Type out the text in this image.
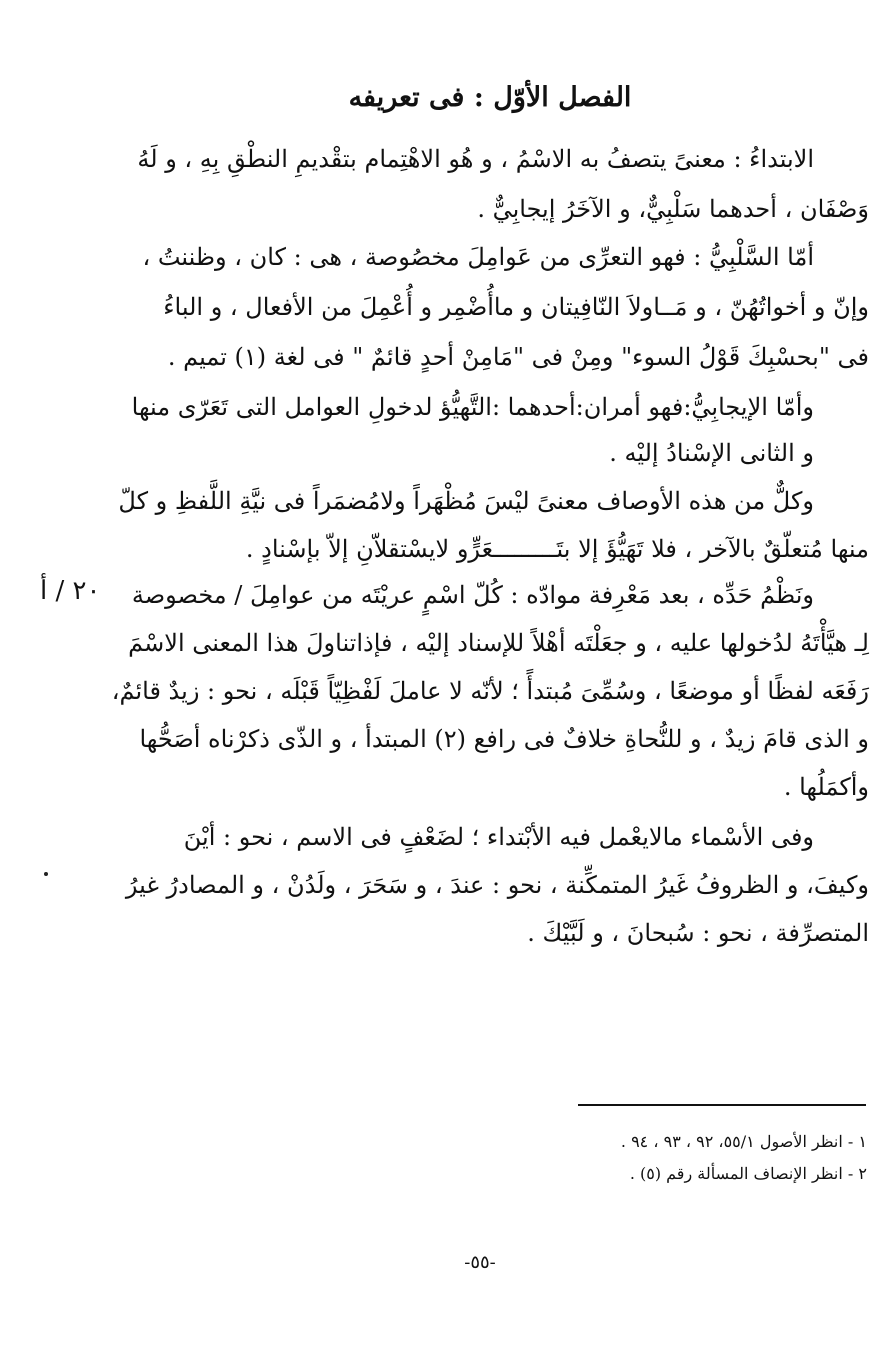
الفصل الأوّل : فى تعريفه
الابتداءُ : معنىً يتصفُ به الاسْمُ ، و هُو الاهْتِمام بتقْديمِ النطْقِ بِهِ ، و لَهُ
وَصْفَان ، أحدهما سَلْبِيٌّ، و الآخَرُ إيجابِيٌّ .
أمّا السَّلْبِيُّ : فهو التعرِّى من عَوامِلَ مخصُوصة ، هى : كان ، وظننتُ ،
وإنّ و أخواتُهُنّ ، و مَــاولاَ النّافِيتان و ماأُضْمِر و أُعْمِلَ من الأفعال ، و الباءُ
فى "بحسْبِكَ قَوْلُ السوء" ومِنْ فى "مَامِنْ أحدٍ قائمٌ " فى لغة (١) تميم .
وأمّا الإيجابِيُّ:فهو أمران:أحدهما :التَّهيُّؤ لدخولِ العوامل التى تَعَرّى منها
و الثانى الإسْنادُ إليْه .
وكلٌّ من هذه الأوصاف معنىً ليْسَ مُظْهَراً ولامُضمَراً فى نيَّةِ اللَّفظِ و كلّ
منها مُتعلّقٌ بالآخر ، فلا تَهَيُّؤَ إلا بتَـــــــــعَرٍّو لايسْتقلاّنِ إلاّ بإسْنادٍ .
ونَظْمُ حَدِّه ، بعد مَعْرِفة موادّه : كُلّ اسْمٍ عريْتَه من عوامِلَ / مخصوصة
لِـ هيَّأْتَهُ لدُخولها عليه ، و جعَلْتَه أهْلاً للإسناد إليْه ، فإذاتناولَ هذا المعنى الاسْمَ
رَفَعَه لفظًا أو موضعًا ، وسُمِّىَ مُبتدأً ؛ لأنّه لا عاملَ لَفْظِيّاً قَبْلَه ، نحو : زيدٌ قائمٌ،
و الذى قامَ زيدٌ ، و للنُّحاةِ خلافٌ فى رافع (٢) المبتدأ ، و الذّى ذكرْناه أصَحُّها
وأكمَلُها .
وفى الأسْماء مالايعْمل فيه الأبْتداء ؛ لضَعْفٍ فى الاسم ، نحو : أيْنَ
وكيفَ، و الظروفُ غَيرُ المتمكِّنة ، نحو : عندَ ، و سَحَرَ ، ولَدُنْ ، و المصادرُ غيرُ
المتصرِّفة ، نحو : سُبحانَ ، و لَبَّيْكَ .
٢٠ / أ
١ - انظر الأصول ٥٥/١، ٩٢ ، ٩٣ ، ٩٤ .
٢ - انظر الإنصاف المسألة رقم (٥) .
-٥٥-
